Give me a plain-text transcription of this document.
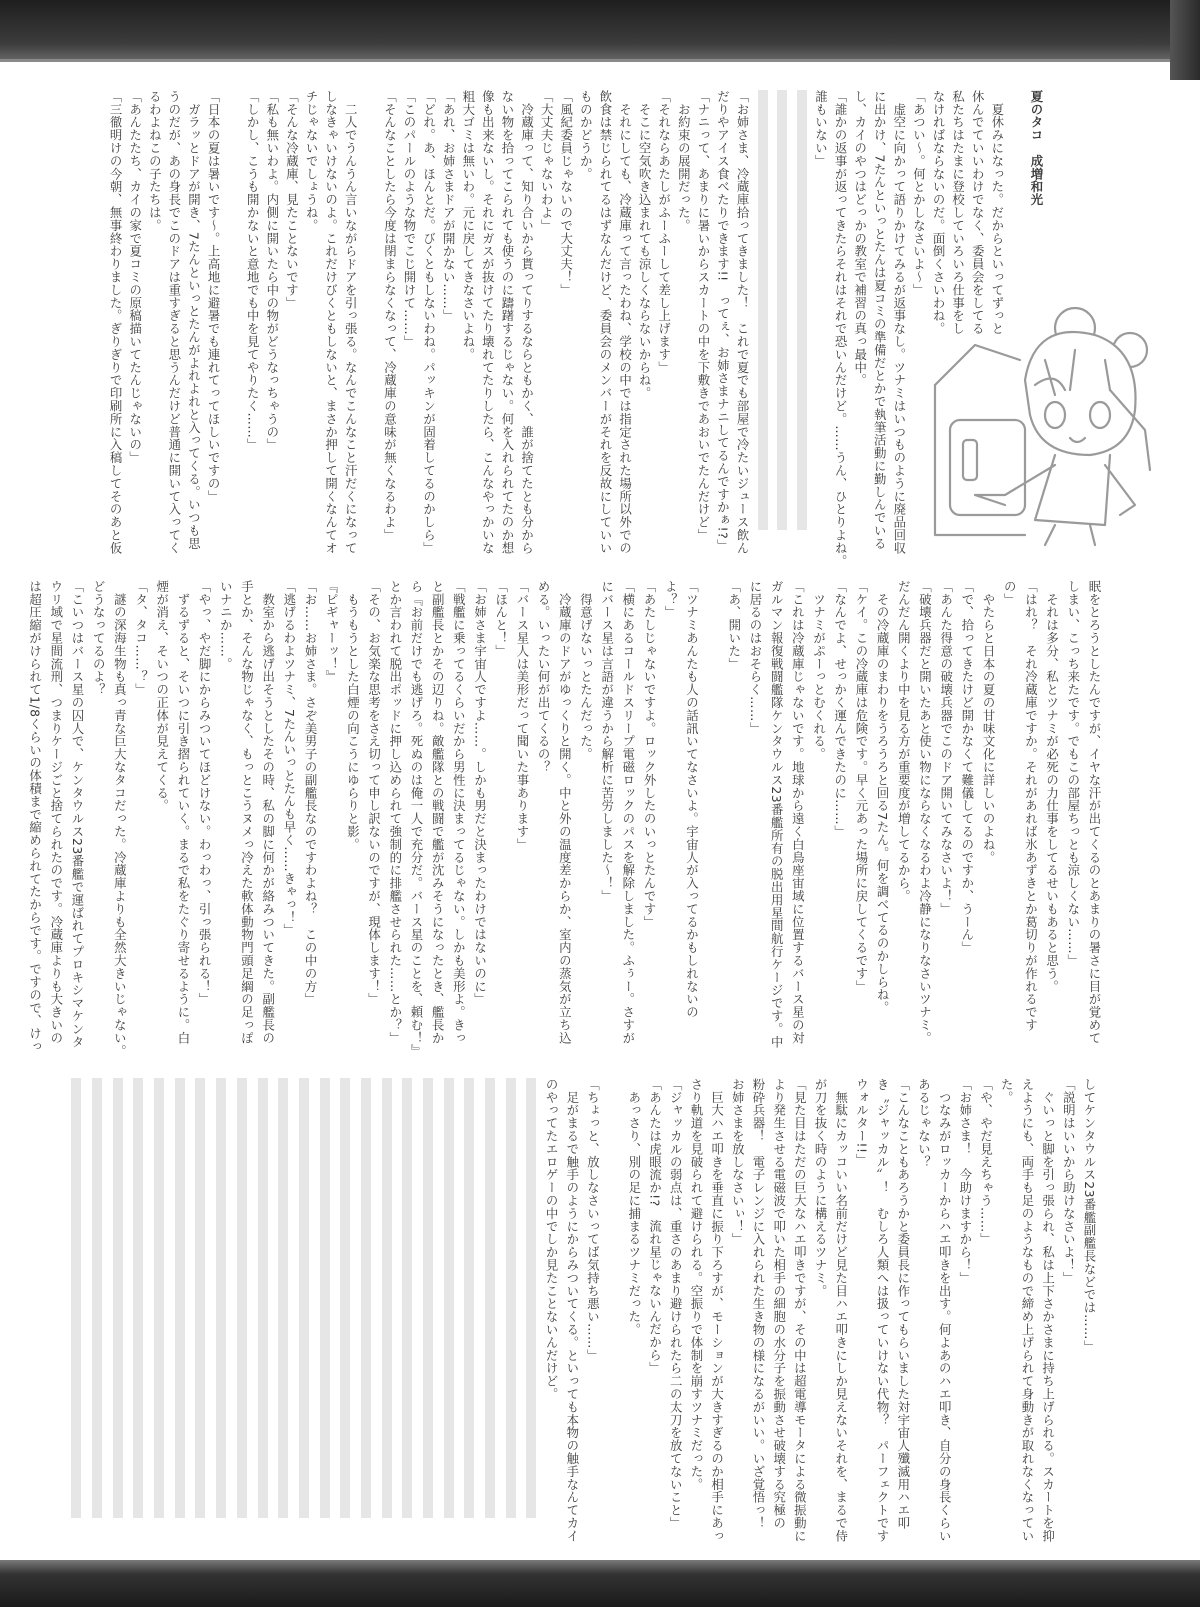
夏のタコ　成増和光
　夏休みになった。だからといってずっと
休んでていいわけでなく、委員会をしてる
私たちはたまに登校していろいろ仕事をし
なければならないのだ。面倒くさいわね。
「あつい～。何とかしなさいよ～」
　虚空に向かって語りかけてみるが返事なし。ツナミはいつものように廃品回収
に出かけ、7たんといっとたんは夏コミの準備だとかで執筆活動に勤しんでいる
し、カイのやつはどっかの教室で補習の真っ最中。
「誰かの返事が返ってきたらそれはそれで恐いんだけど。……うん、ひとりよね。
誰もいない」
「お姉さま、冷蔵庫拾ってきました！　これで夏でも部屋で冷たいジュース飲ん
だりやアイス食べたりできます!!　ってぇ、お姉さまナニしてるんですかぁ!?」
「ナニって、あまりに暑いからスカートの中を下敷きであおいでたんだけど」
　お約束の展開だった。
「それならあたしがふーふーして差し上げます」
　そこに空気吹き込まれても涼しくならないからね。
　それにしても、冷蔵庫って言ったわね、学校の中では指定された場所以外での
飲食は禁じられてるはずなんだけど、委員会のメンバーがそれを反故にしていい
ものかどうか。
「風紀委員じゃないので大丈夫！」
「大丈夫じゃないわよ」
　冷蔵庫って、知り合いから貰ってりするならともかく、誰が捨てたとも分から
ない物を拾ってこられても使うのに躊躇するじゃない。何を入れられてたのか想
像も出来ないし。それにガスが抜けてたり壊れてたりしたら、こんなやっかいな
粗大ゴミは無いわ。元に戻してきなさいよね。
「あれ、お姉さまドアが開かない……」
「どれ。あ、ほんとだ。びくともしないわね。パッキンが固着してるのかしら」
「このパールのような物でこじ開けて……」
「そんなことしたら今度は閉まらなくなって、冷蔵庫の意味が無くなるわよ」
　二人でうんうん言いながらドアを引っ張る。なんでこんなこと汗だくになって
しなきゃいけないのよ。これだけびくともしないと、まさか押して開くなんてオ
チじゃないでしょうね。
「そんな冷蔵庫、見たことないです」
「私も無いわよ。内側に開いたら中の物がどうなっちゃうの」
「しかし、こうも開かないと意地でも中を見てやりたく……」
「日本の夏は暑いです～。上高地に避暑でも連れてってほしいですの」
　ガラッとドアが開き、7たんといっとたんがよれよれと入ってくる。いつも思
うのだが、あの身長でこのドアは重すぎると思うんだけど普通に開いて入ってく
るわよねこの子たちは。
「あんたたち、カイの家で夏コミの原稿描いてたんじゃないの」
「三徹明けの今朝、無事終わりました。ぎりぎりで印刷所に入稿してそのあと仮
眠をとろうとしたんですが、イヤな汗が出てくるのとあまりの暑さに目が覚めて
しまい、こっち来たです。でもこの部屋ちっとも涼しくない……」
　それは多分、私とツナミが必死の力仕事をしてるせいもあると思う。
「はれ？　それ冷蔵庫ですか。それがあれば氷あずきとか葛切りが作れるです
の」
　やたらと日本の夏の甘味文化に詳しいのよね。
「で、拾ってきたけど開かなくて難儀してるのですか、うーん」
「あんた得意の破壊兵器でこのドア開いてみなさいよ！」
「破壊兵器だと開いたあと使い物にならなくなるわよ冷静になりなさいツナミ。
だんだん開くより中を見る方が重要度が増してるから。
　その冷蔵庫のまわりをうろうろと回る7たん。何を調べてるのかしらね。
「ケイ。この冷蔵庫は危険です。早く元あった場所に戻してくるです」
「なんでよ、せっかく運んできたのに……」
　ツナミがぷーっとむくれる。
「これは冷蔵庫じゃないです。地球から遠く白鳥座宙域に位置するバース星の対
ガルマン報復戦闘艦隊ケンタウルス23番艦所有の脱出用星間航行ケージです。中
に居るのはおそらく……」
「あ、開いた」
「ツナミあんたも人の話訊いてなさいよ。宇宙人が入ってるかもしれないの
よ？」
「あたしじゃないですよ。ロック外したのいっとたんです」
「横にあるコールドスリープ電磁ロックのパスを解除しました。ふぅー。さすが
にバース星は言語が違うから解析に苦労しました～！」
　得意げないっとたんだった。
　冷蔵庫のドアがゆっくりと開く。中と外の温度差からか、室内の蒸気が立ち込
める。いったい何が出てくるの？
「バース星人は美形だって聞いた事あります」
「ほんと！」
「お姉さま宇宙人ですよ……。しかも男だと決まったわけではないのに」
「戦艦に乗ってるくらいだから男性に決まってるじゃない。しかも美形よ。きっ
と副艦長とかその辺りね。敵艦隊との戦闘で艦が沈みそうになったとき、艦長か
ら『お前だけでも逃げろ。死ぬのは俺一人で充分だ。バース星のことを、頼む！』
とか言われて脱出ポッドに押し込められて強制的に排艦させられた……とか？」
「その、お気楽な思考をさえ切って申し訳ないのですが、現体します！」
　もうもうとした白煙の向こうにゆらりと影。
『ピギャーッ！』
「お……お姉さま。さぞ美男子の副艦長なのですわよね？　この中の方」
「逃げるわよツナミ、7たんいっとたんも早く……きゃっ！」
　教室から逃げ出そうとしたその時、私の脚に何かが絡みついてきた。副艦長の
手とか、そんな物じゃなく、もっとこうヌメっ冷えた軟体動物門頭足綱の足っぽ
いナニか……。
「やっ、やだ脚にからみついてほどけない。わっわっ、引っ張られる！」
　ずるずると、そいつに引き摺られていく。まるで私をたぐり寄せるように。白
煙が消え、そいつの正体が見えてくる。
「タ、タコ……？」
　謎の深海生物も真っ青な巨大なタコだった。冷蔵庫よりも全然大きいじゃない。
どうなってるのよ？
「こいつはバース星の囚人で、ケンタウルス23番艦で運ばれてプロキシマケンタ
ウリ域で星間流刑、つまりケージごと捨てられたのです。冷蔵庫よりも大きいの
は超圧縮がけられて1/8くらいの体積まで縮められてたからです。ですので、けっ
してケンタウルス23番艦副艦長などでは……」
「説明はいいから助けなさいよ！」
　ぐいっと脚を引っ張られ、私は上下さかさまに持ち上げられる。スカートを抑
えようにも、両手も足のようなもので締め上げられて身動きが取れなくなってい
た。
「や、やだ見えちゃう……」
「お姉さま！　今助けますから！」
　つなみがロッカーからハエ叩きを出す。何よあのハエ叩き、自分の身長くらい
あるじゃない？
「こんなこともあろうかと委員長に作ってもらいました対宇宙人殲滅用ハエ叩
き〝ジャッカル〟！　むしろ人類へは扱っていけない代物？　パーフェクトです
ウォルター!!」
　無駄にカッコいい名前だけど見た目ハエ叩きにしか見えないそれを、まるで侍
が刀を抜く時のように構えるツナミ。
「見た目はただの巨大なハエ叩きですが、その中は超電導モータによる微振動に
より発生させる電磁波で叩いた相手の細胞の水分子を振動させ破壊する究極の
粉砕兵器！　電子レンジに入れられた生き物の様になるがいい。いざ覚悟っ！
お姉さまを放しなさいぃ！」
　巨大ハエ叩きを垂直に振り下ろすが、モーションが大きすぎるのか相手にあっ
さり軌道を見破られて避けられる。空振りで体制を崩すツナミだった。
「ジャッカルの弱点は、重さのあまり避けられたら二の太刀を放てないこと」
「あんたは虎眼流か!?　流れ星じゃないんだから」
　あっさり、別の足に捕まるツナミだった。
「ちょっと、放しなさいってば気持ち悪い……」
　足がまるで触手のようにからみついてくる。といっても本物の触手なんてカイ
のやってたエロゲーの中でしか見たことないんだけど。
